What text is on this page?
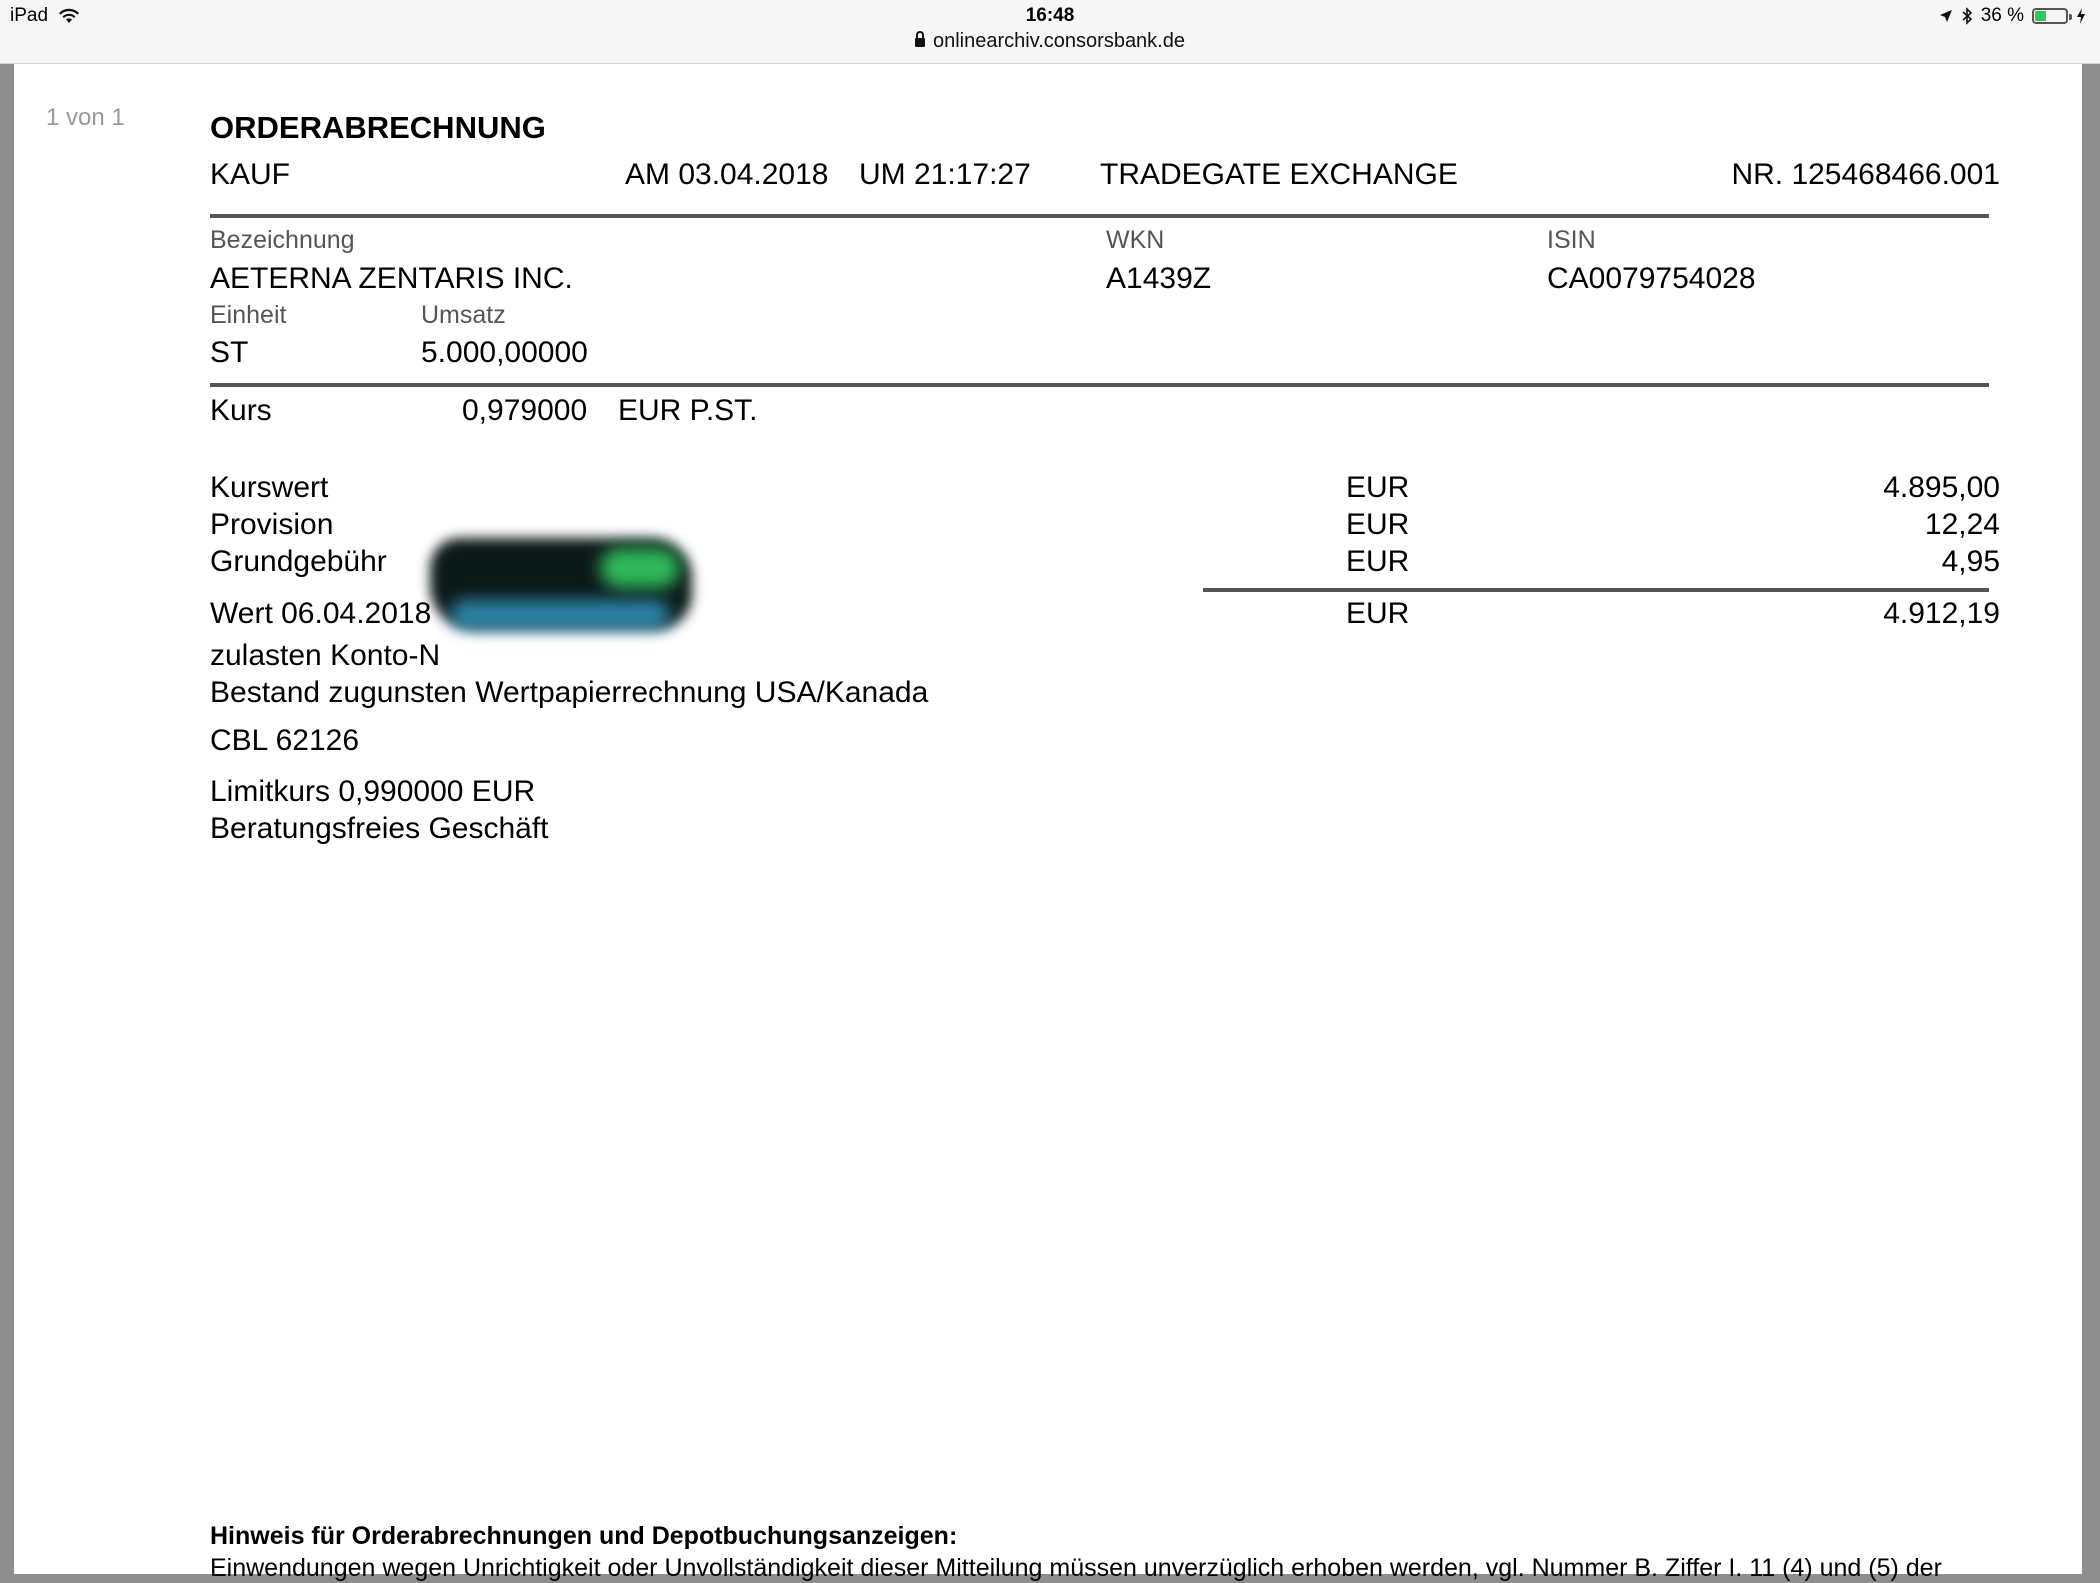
iPad	16:48	36 %
onlinearchiv.consorsbank.de
1 von 1	ORDERABRECHNUNG
KAUF	AM 03.04.2018 UM 21:17:27 TRADEGATE EXCHANGE	NR. 125468466.001
Bezeichnung	WKN	ISIN
AETERNA ZENTARIS INC.	A1439Z	CA0079754028
Einheit	Umsatz
ST	5.000,00000
Kurs	0,979000 EUR P.ST.
Kurswert	EUR	4.895,00
Provision	EUR	12,24
Grundgebühr	EUR	4,95
Wert 06.04.2018	EUR	4.912,19
zulasten Konto-N
Bestand zugunsten Wertpapierrechnung USA/Kanada
CBL 62126
Limitkurs 0,990000 EUR
Beratungsfreies Geschäft
Hinweis für Orderabrechnungen und Depotbuchungsanzeigen:
Einwendungen wegen Unrichtigkeit oder Unvollständigkeit dieser Mitteilung müssen unverzüglich erhoben werden, vgl. Nummer B. Ziffer I. 11 (4) und (5) der
